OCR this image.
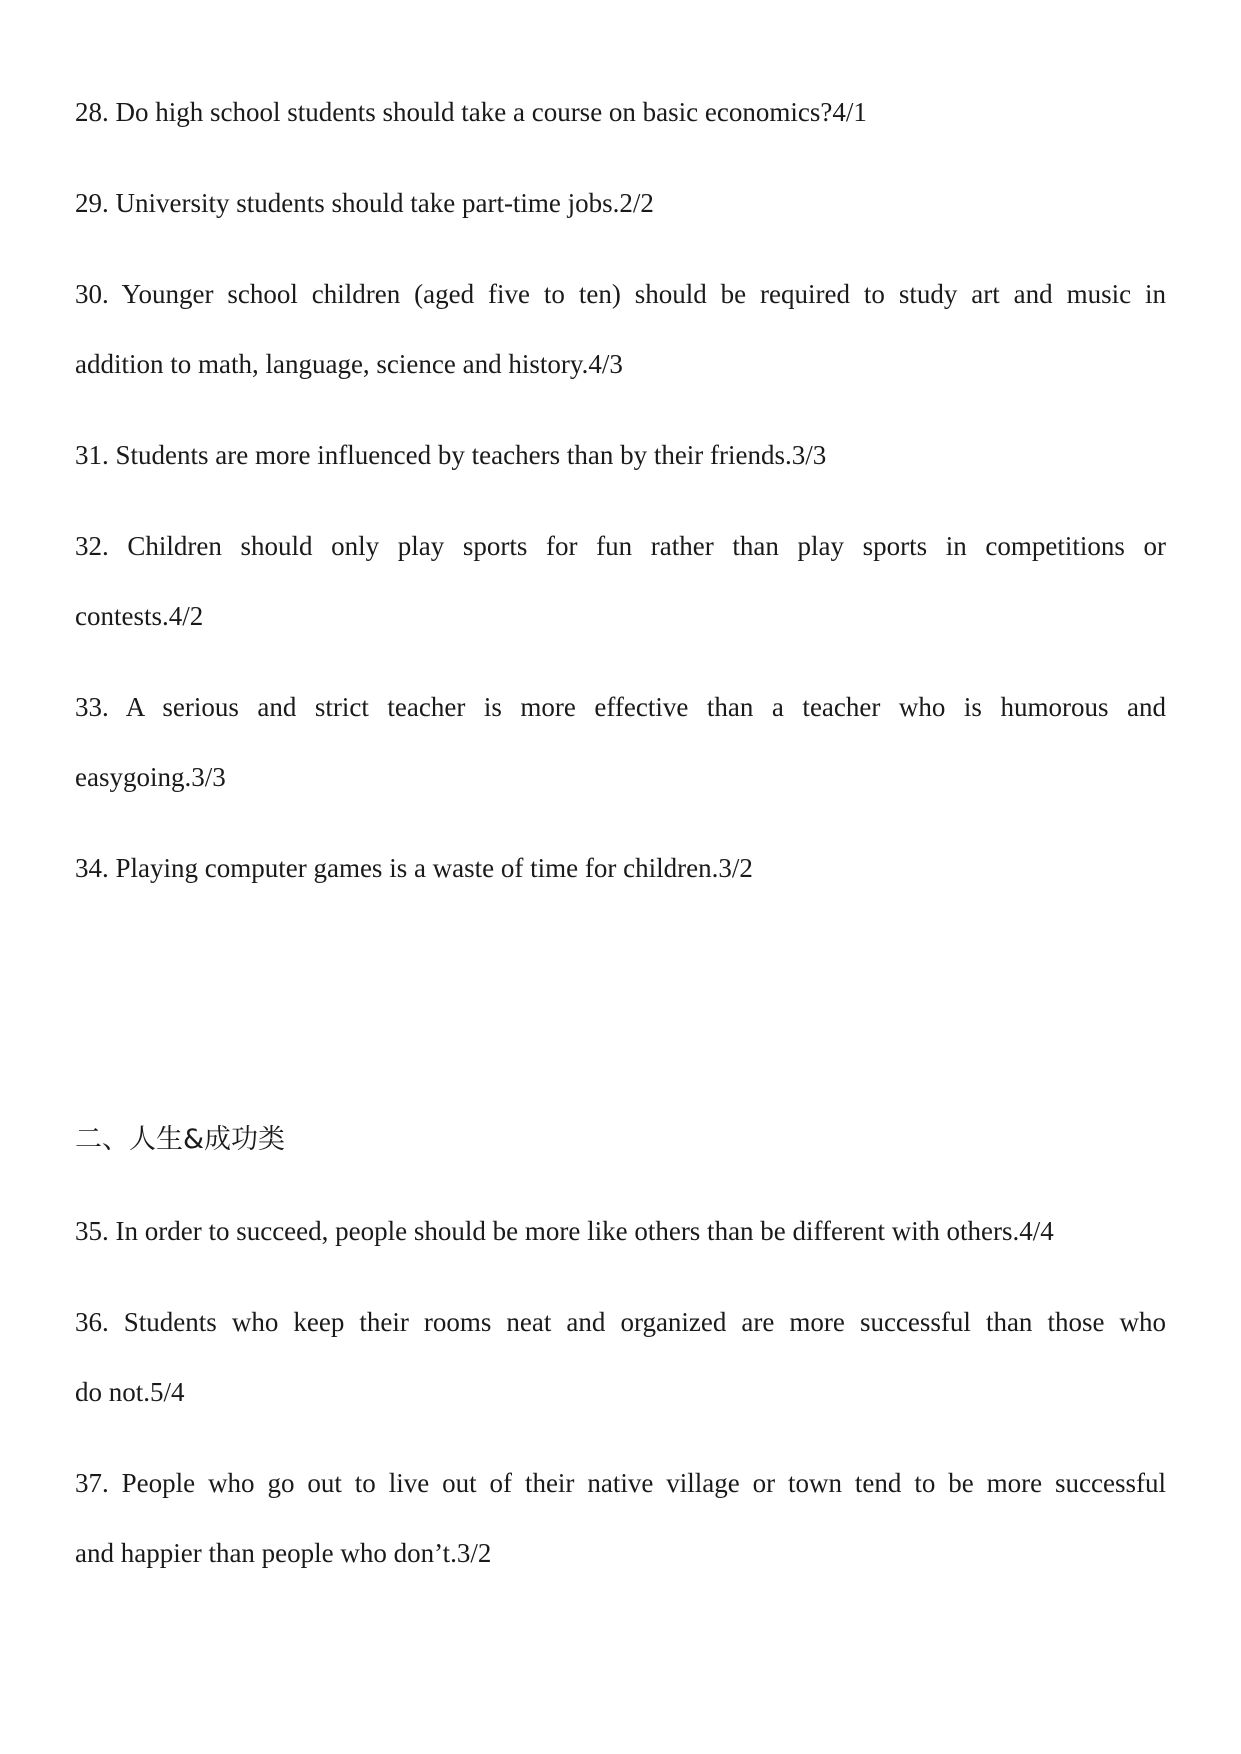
28. Do high school students should take a course on basic economics?4/1

29. University students should take part-time jobs.2/2

30. Younger school children (aged five to ten) should be required to study art and music in

addition to math, language, science and history.4/3

31. Students are more influenced by teachers than by their friends.3/3

32. Children should only play sports for fun rather than play sports in competitions or

contests.4/2

33. A serious and strict teacher is more effective than a teacher who is humorous and

easygoing.3/3

34. Playing computer games is a waste of time for children.3/2

二、人生&成功类

35. In order to succeed, people should be more like others than be different with others.4/4

36. Students who keep their rooms neat and organized are more successful than those who

do not.5/4

37. People who go out to live out of their native village or town tend to be more successful

and happier than people who don’t.3/2
